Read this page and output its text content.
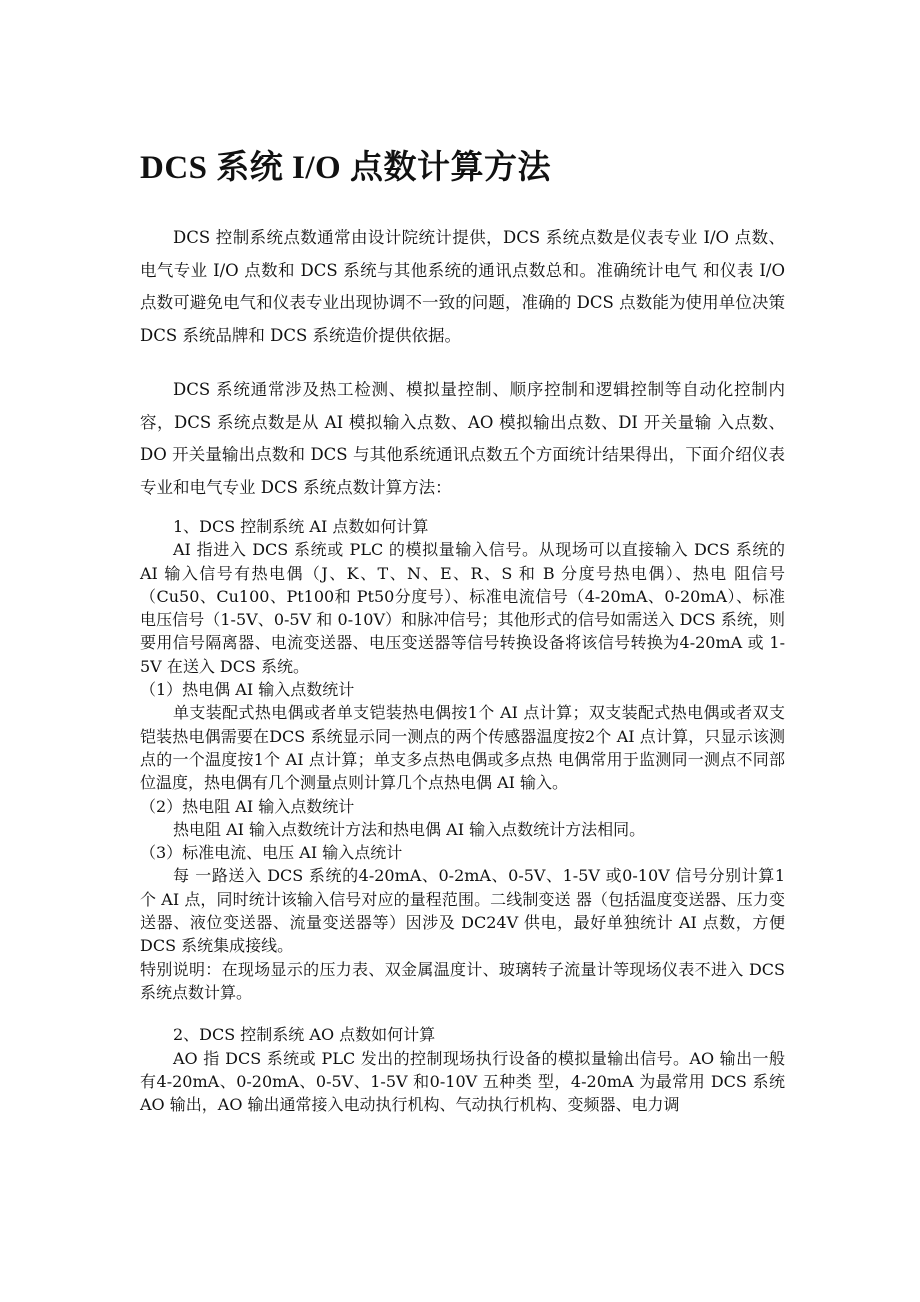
DCS 系统 I/O 点数计算方法

DCS 控制系统点数通常由设计院统计提供，DCS 系统点数是仪表专业 I/O 点数、电气专业 I/O 点数和 DCS 系统与其他系统的通讯点数总和。准确统计电气 和仪表 I/O 点数可避免电气和仪表专业出现协调不一致的问题，准确的 DCS 点数能为使用单位决策 DCS 系统品牌和 DCS 系统造价提供依据。

DCS 系统通常涉及热工检测、模拟量控制、顺序控制和逻辑控制等自动化控制内容，DCS 系统点数是从 AI 模拟输入点数、AO 模拟输出点数、DI 开关量输 入点数、DO 开关量输出点数和 DCS 与其他系统通讯点数五个方面统计结果得出，下面介绍仪表专业和电气专业 DCS 系统点数计算方法：

1、DCS 控制系统 AI 点数如何计算

AI 指进入 DCS 系统或 PLC 的模拟量输入信号。从现场可以直接输入 DCS 系统的 AI 输入信号有热电偶（J、K、T、N、E、R、S 和 B 分度号热电偶）、热电 阻信号（Cu50、Cu100、Pt100和 Pt50分度号）、标准电流信号（4-20mA、0-20mA）、标准电压信号（1-5V、0-5V 和 0-10V）和脉冲信号；其他形式的信号如需送入 DCS 系统，则要用信号隔离器、电流变送器、电压变送器等信号转换设备将该信号转换为4-20mA 或 1-5V 在送入 DCS 系统。

（1）热电偶 AI 输入点数统计

单支装配式热电偶或者单支铠装热电偶按1个 AI 点计算；双支装配式热电偶或者双支铠装热电偶需要在DCS 系统显示同一测点的两个传感器温度按2个 AI 点计算，只显示该测点的一个温度按1个 AI 点计算；单支多点热电偶或多点热 电偶常用于监测同一测点不同部位温度，热电偶有几个测量点则计算几个点热电偶 AI 输入。

（2）热电阻 AI 输入点数统计

热电阻 AI 输入点数统计方法和热电偶 AI 输入点数统计方法相同。

（3）标准电流、电压 AI 输入点统计

每 一路送入 DCS 系统的4-20mA、0-2mA、0-5V、1-5V 或0-10V 信号分别计算1个 AI 点，同时统计该输入信号对应的量程范围。二线制变送 器（包括温度变送器、压力变送器、液位变送器、流量变送器等）因涉及 DC24V 供电，最好单独统计 AI 点数，方便 DCS 系统集成接线。

特别说明：在现场显示的压力表、双金属温度计、玻璃转子流量计等现场仪表不进入 DCS 系统点数计算。

2、DCS 控制系统 AO 点数如何计算

AO 指 DCS 系统或 PLC 发出的控制现场执行设备的模拟量输出信号。AO 输出一般有4-20mA、0-20mA、0-5V、1-5V 和0-10V 五种类 型，4-20mA 为最常用 DCS 系统 AO 输出，AO 输出通常接入电动执行机构、气动执行机构、变频器、电力调
